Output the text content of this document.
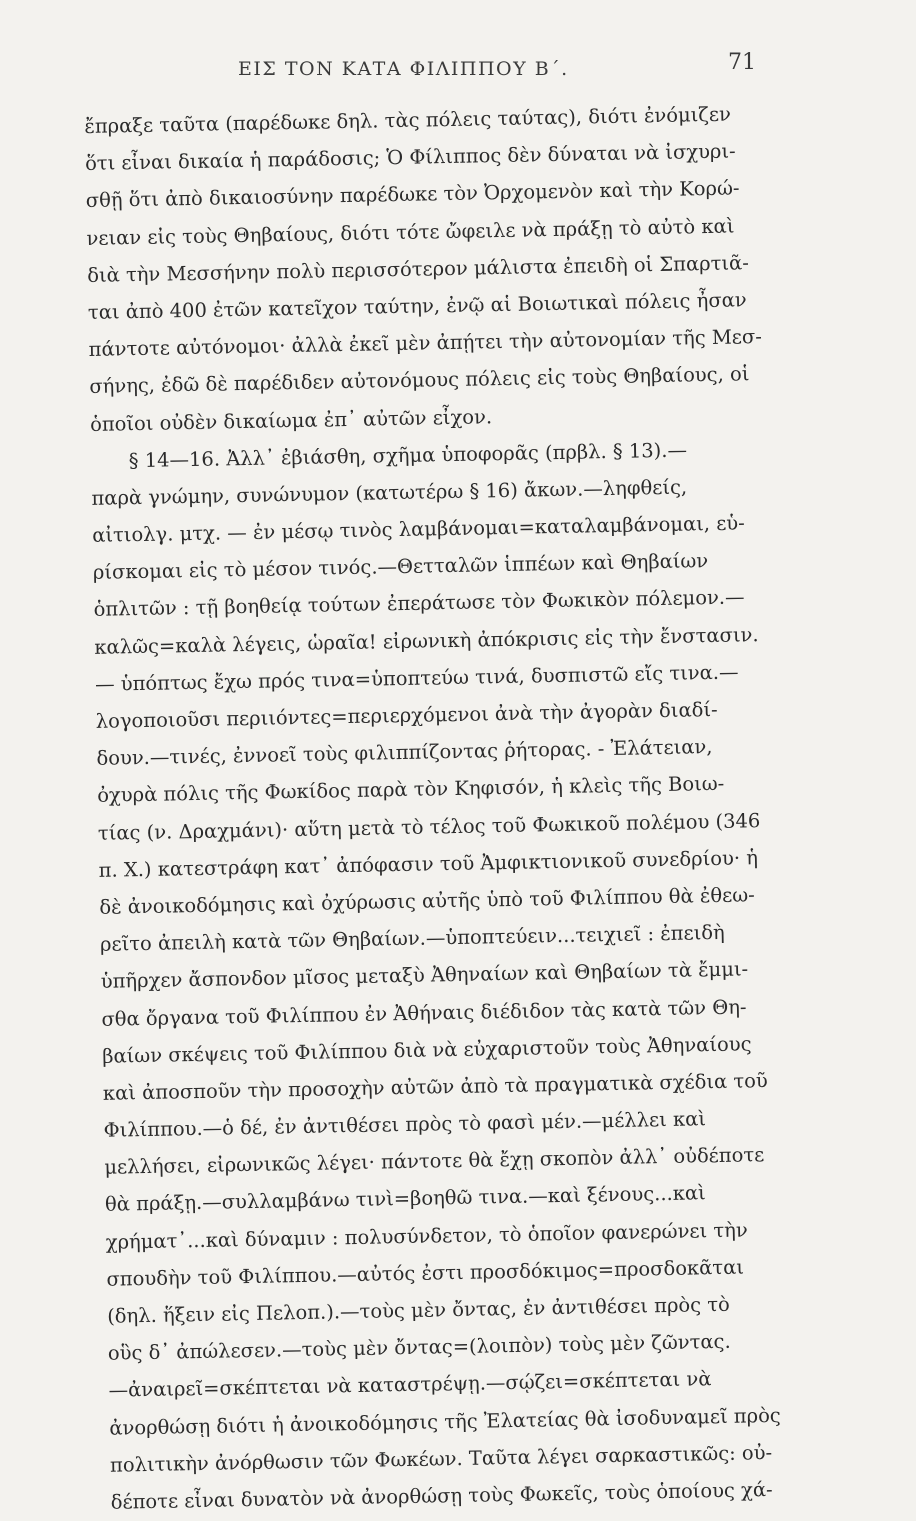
ΕΙΣ ΤΟΝ ΚΑΤΑ ΦΙΛΙΠΠΟΥ Β΄.	71
ἔπραξε ταῦτα (παρέδωκε δηλ. τὰς πόλεις ταύτας), διότι ἐνόμιζεν
ὅτι εἶναι δικαία ἡ παράδοσις; Ὁ Φίλιππος δὲν δύναται νὰ ἰσχυρι-
σθῇ ὅτι ἀπὸ δικαιοσύνην παρέδωκε τὸν Ὀρχομενὸν καὶ τὴν Κορώ-
νειαν εἰς τοὺς Θηβαίους, διότι τότε ὤφειλε νὰ πράξῃ τὸ αὐτὸ καὶ
διὰ τὴν Μεσσήνην πολὺ περισσότερον μάλιστα ἐπειδὴ οἱ Σπαρτιᾶ-
ται ἀπὸ 400 ἐτῶν κατεῖχον ταύτην, ἐνῷ αἱ Βοιωτικαὶ πόλεις ἦσαν
πάντοτε αὐτόνομοι· ἀλλὰ ἐκεῖ μὲν ἀπῄτει τὴν αὐτονομίαν τῆς Μεσ-
σήνης, ἐδῶ δὲ παρέδιδεν αὐτονόμους πόλεις εἰς τοὺς Θηβαίους, οἱ
ὁποῖοι οὐδὲν δικαίωμα ἐπ᾽ αὐτῶν εἶχον.
§ 14—16. Ἀλλ᾽ ἐβιάσθη, σχῆμα ὑποφορᾶς (πρβλ. § 13).—
παρὰ γνώμην, συνώνυμον (κατωτέρω § 16) ἄκων.—ληφθείς,
αἰτιολγ. μτχ. — ἐν μέσῳ τινὸς λαμβάνομαι=καταλαμβάνομαι, εὑ-
ρίσκομαι εἰς τὸ μέσον τινός.—Θετταλῶν ἱππέων καὶ Θηβαίων
ὁπλιτῶν : τῇ βοηθείᾳ τούτων ἐπεράτωσε τὸν Φωκικὸν πόλεμον.—
καλῶς=καλὰ λέγεις, ὡραῖα! εἰρωνικὴ ἀπόκρισις εἰς τὴν ἔνστασιν.
— ὑπόπτως ἔχω πρός τινα=ὑποπτεύω τινά, δυσπιστῶ εἴς τινα.—
λογοποιοῦσι περιιόντες=περιερχόμενοι ἀνὰ τὴν ἀγορὰν διαδί-
δουν.—τινές, ἐννοεῖ τοὺς φιλιππίζοντας ῥήτορας. - Ἐλάτειαν,
ὀχυρὰ πόλις τῆς Φωκίδος παρὰ τὸν Κηφισόν, ἡ κλεὶς τῆς Βοιω-
τίας (ν. Δραχμάνι)· αὕτη μετὰ τὸ τέλος τοῦ Φωκικοῦ πολέμου (346
π. Χ.) κατεστράφη κατ᾽ ἀπόφασιν τοῦ Ἀμφικτιονικοῦ συνεδρίου· ἡ
δὲ ἀνοικοδόμησις καὶ ὀχύρωσις αὐτῆς ὑπὸ τοῦ Φιλίππου θὰ ἐθεω-
ρεῖτο ἀπειλὴ κατὰ τῶν Θηβαίων.—ὑποπτεύειν...τειχιεῖ : ἐπειδὴ
ὑπῆρχεν ἄσπονδον μῖσος μεταξὺ Ἀθηναίων καὶ Θηβαίων τὰ ἔμμι-
σθα ὄργανα τοῦ Φιλίππου ἐν Ἀθήναις διέδιδον τὰς κατὰ τῶν Θη-
βαίων σκέψεις τοῦ Φιλίππου διὰ νὰ εὐχαριστοῦν τοὺς Ἀθηναίους
καὶ ἀποσποῦν τὴν προσοχὴν αὐτῶν ἀπὸ τὰ πραγματικὰ σχέδια τοῦ
Φιλίππου.—ὁ δέ, ἐν ἀντιθέσει πρὸς τὸ φασὶ μέν.—μέλλει καὶ
μελλήσει, εἰρωνικῶς λέγει· πάντοτε θὰ ἔχῃ σκοπὸν ἀλλ᾽ οὐδέποτε
θὰ πράξῃ.—συλλαμβάνω τινὶ=βοηθῶ τινα.—καὶ ξένους...καὶ
χρήματ᾽...καὶ δύναμιν : πολυσύνδετον, τὸ ὁποῖον φανερώνει τὴν
σπουδὴν τοῦ Φιλίππου.—αὐτός ἐστι προσδόκιμος=προσδοκᾶται
(δηλ. ἥξειν εἰς Πελοπ.).—τοὺς μὲν ὄντας, ἐν ἀντιθέσει πρὸς τὸ
οὓς δ᾽ ἀπώλεσεν.—τοὺς μὲν ὄντας=(λοιπὸν) τοὺς μὲν ζῶντας.
—ἀναιρεῖ=σκέπτεται νὰ καταστρέψῃ.—σῴζει=σκέπτεται νὰ
ἀνορθώσῃ διότι ἡ ἀνοικοδόμησις τῆς Ἐλατείας θὰ ἰσοδυναμεῖ πρὸς
πολιτικὴν ἀνόρθωσιν τῶν Φωκέων. Ταῦτα λέγει σαρκαστικῶς: οὐ-
δέποτε εἶναι δυνατὸν νὰ ἀνορθώσῃ τοὺς Φωκεῖς, τοὺς ὁποίους χά-
